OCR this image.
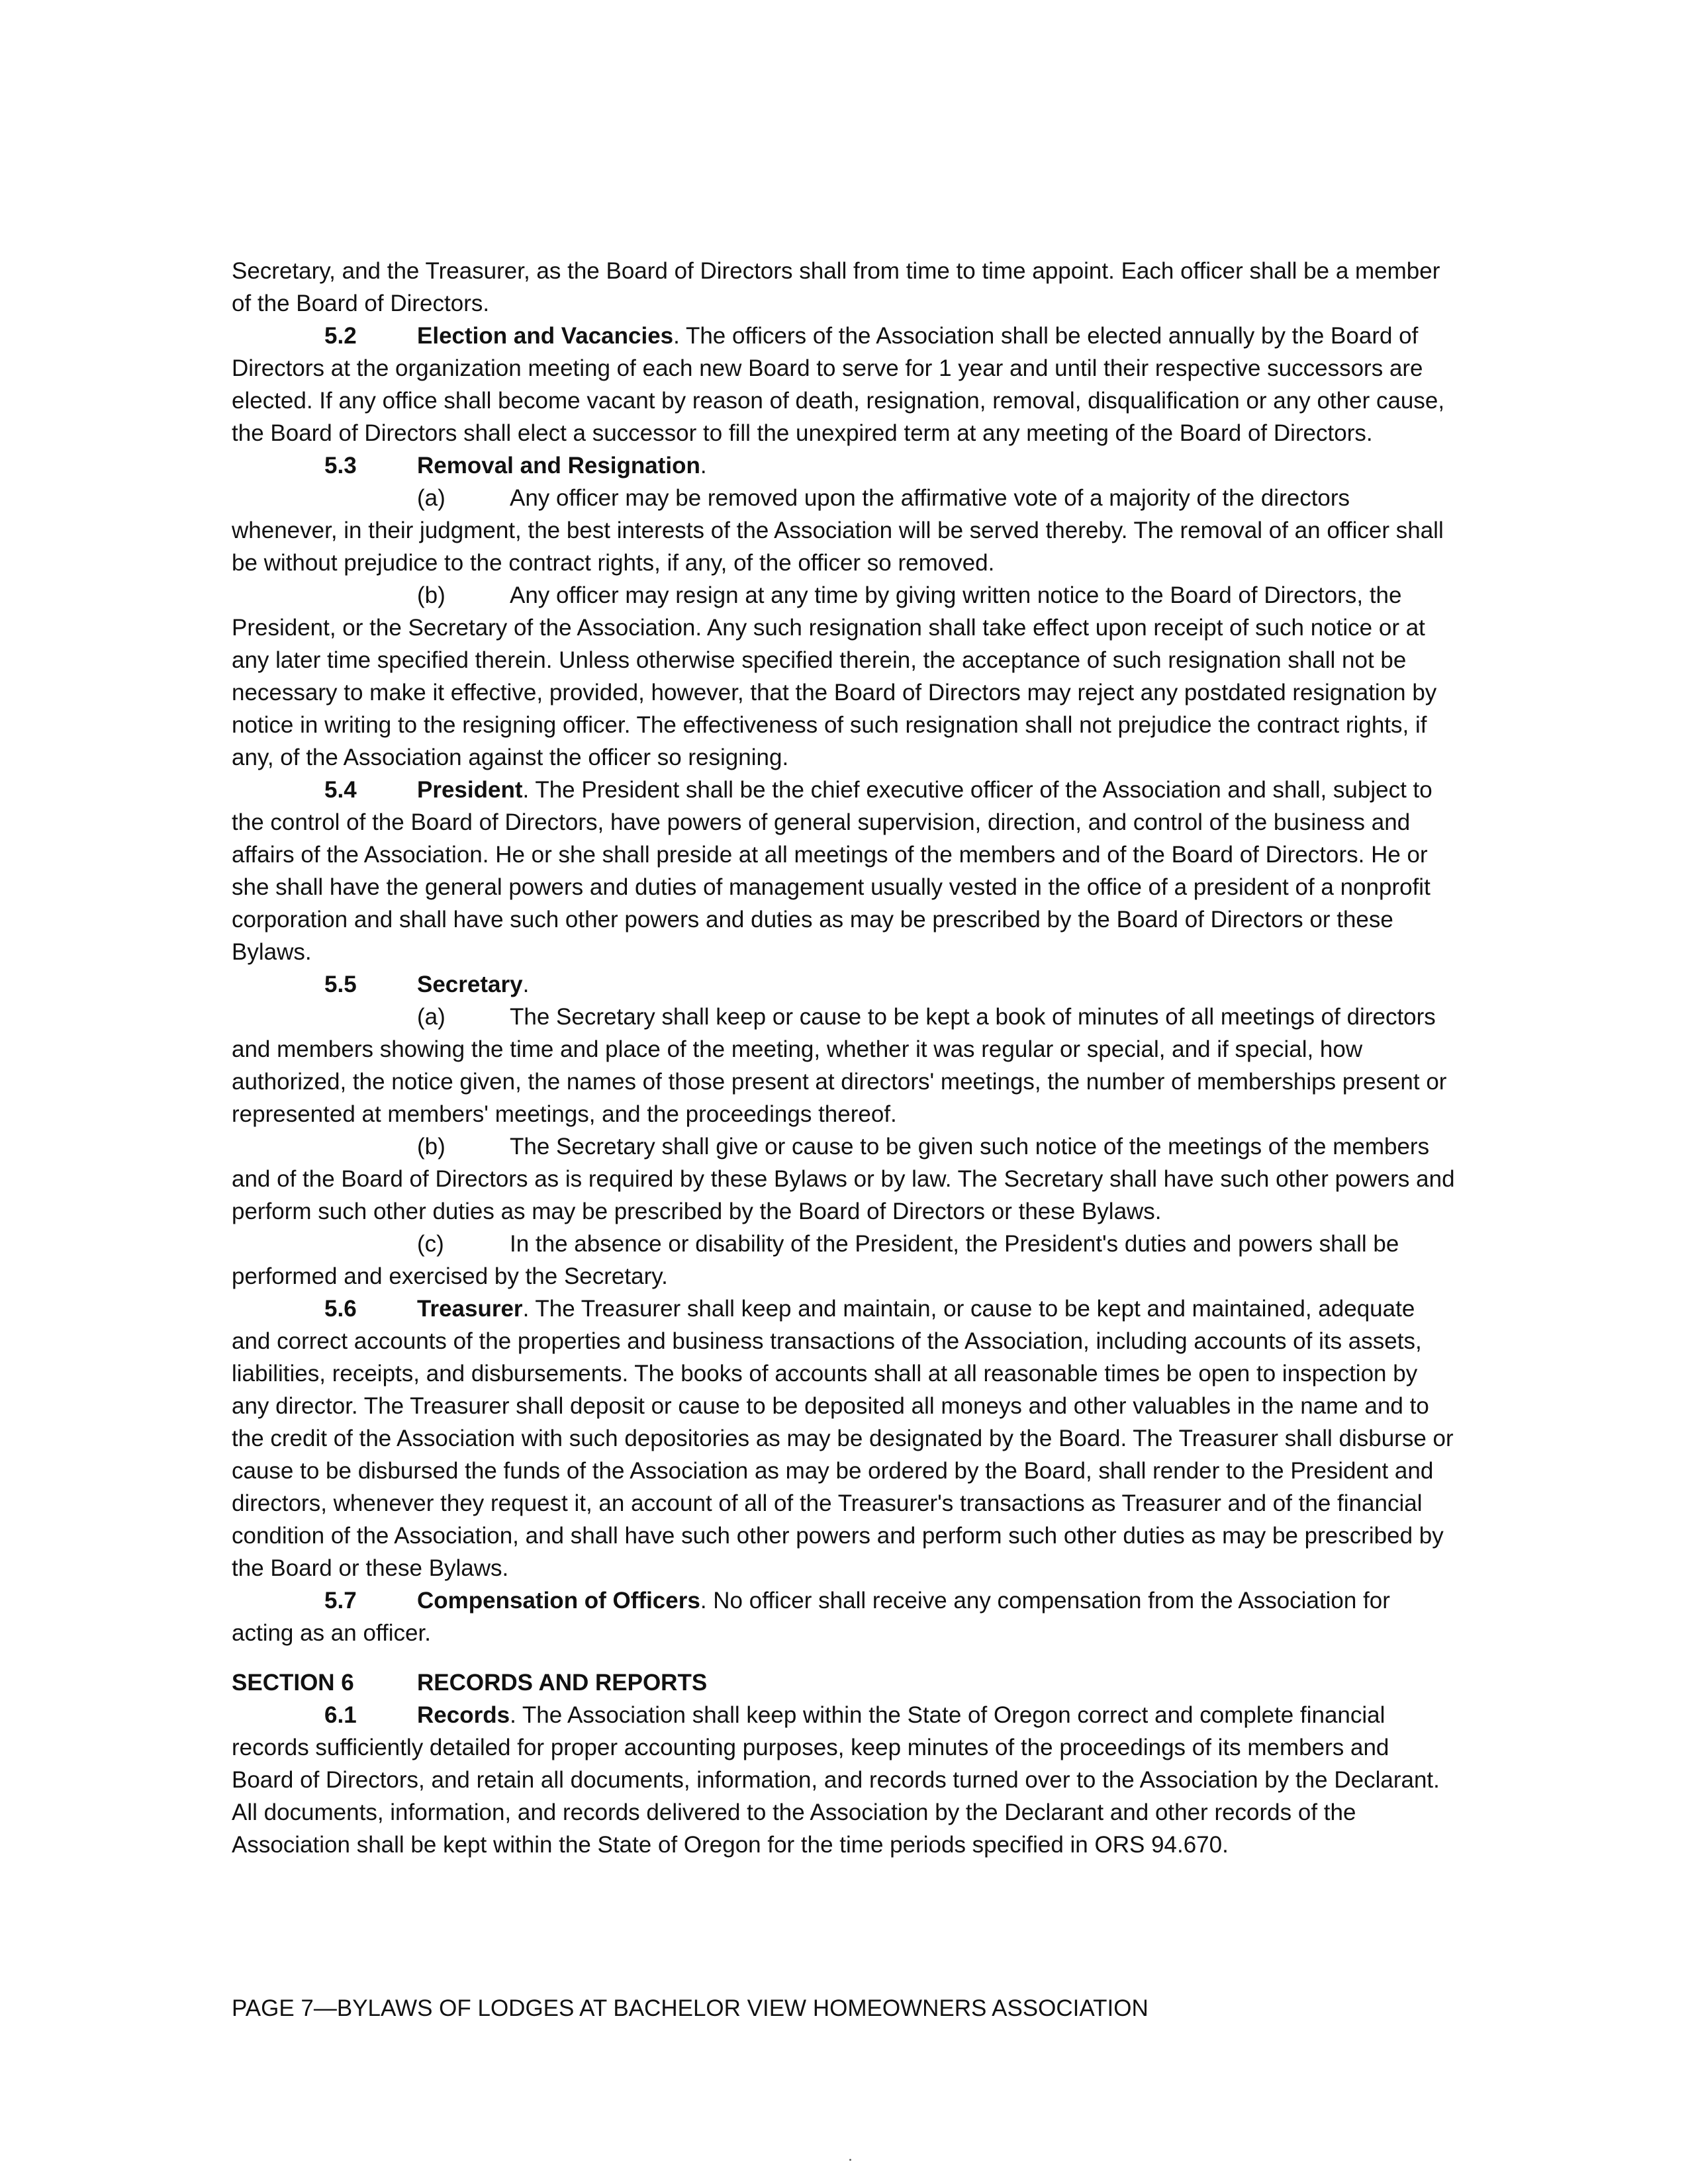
Secretary, and the Treasurer, as the Board of Directors shall from time to time appoint. Each officer shall be a member of the Board of Directors.

5.2	Election and Vacancies. The officers of the Association shall be elected annually by the Board of Directors at the organization meeting of each new Board to serve for 1 year and until their respective successors are elected. If any office shall become vacant by reason of death, resignation, removal, disqualification or any other cause, the Board of Directors shall elect a successor to fill the unexpired term at any meeting of the Board of Directors.

5.3	Removal and Resignation.

(a)	Any officer may be removed upon the affirmative vote of a majority of the directors whenever, in their judgment, the best interests of the Association will be served thereby. The removal of an officer shall be without prejudice to the contract rights, if any, of the officer so removed.

(b)	Any officer may resign at any time by giving written notice to the Board of Directors, the President, or the Secretary of the Association. Any such resignation shall take effect upon receipt of such notice or at any later time specified therein. Unless otherwise specified therein, the acceptance of such resignation shall not be necessary to make it effective, provided, however, that the Board of Directors may reject any postdated resignation by notice in writing to the resigning officer. The effectiveness of such resignation shall not prejudice the contract rights, if any, of the Association against the officer so resigning.

5.4	President. The President shall be the chief executive officer of the Association and shall, subject to the control of the Board of Directors, have powers of general supervision, direction, and control of the business and affairs of the Association. He or she shall preside at all meetings of the members and of the Board of Directors. He or she shall have the general powers and duties of management usually vested in the office of a president of a nonprofit corporation and shall have such other powers and duties as may be prescribed by the Board of Directors or these Bylaws.

5.5	Secretary.

(a)	The Secretary shall keep or cause to be kept a book of minutes of all meetings of directors and members showing the time and place of the meeting, whether it was regular or special, and if special, how authorized, the notice given, the names of those present at directors' meetings, the number of memberships present or represented at members' meetings, and the proceedings thereof.

(b)	The Secretary shall give or cause to be given such notice of the meetings of the members and of the Board of Directors as is required by these Bylaws or by law. The Secretary shall have such other powers and perform such other duties as may be prescribed by the Board of Directors or these Bylaws.

(c)	In the absence or disability of the President, the President's duties and powers shall be performed and exercised by the Secretary.

5.6	Treasurer. The Treasurer shall keep and maintain, or cause to be kept and maintained, adequate and correct accounts of the properties and business transactions of the Association, including accounts of its assets, liabilities, receipts, and disbursements. The books of accounts shall at all reasonable times be open to inspection by any director. The Treasurer shall deposit or cause to be deposited all moneys and other valuables in the name and to the credit of the Association with such depositories as may be designated by the Board. The Treasurer shall disburse or cause to be disbursed the funds of the Association as may be ordered by the Board, shall render to the President and directors, whenever they request it, an account of all of the Treasurer's transactions as Treasurer and of the financial condition of the Association, and shall have such other powers and perform such other duties as may be prescribed by the Board or these Bylaws.

5.7	Compensation of Officers. No officer shall receive any compensation from the Association for acting as an officer.

SECTION 6	RECORDS AND REPORTS

6.1	Records. The Association shall keep within the State of Oregon correct and complete financial records sufficiently detailed for proper accounting purposes, keep minutes of the proceedings of its members and Board of Directors, and retain all documents, information, and records turned over to the Association by the Declarant. All documents, information, and records delivered to the Association by the Declarant and other records of the Association shall be kept within the State of Oregon for the time periods specified in ORS 94.670.

PAGE 7—BYLAWS OF LODGES AT BACHELOR VIEW HOMEOWNERS ASSOCIATION
